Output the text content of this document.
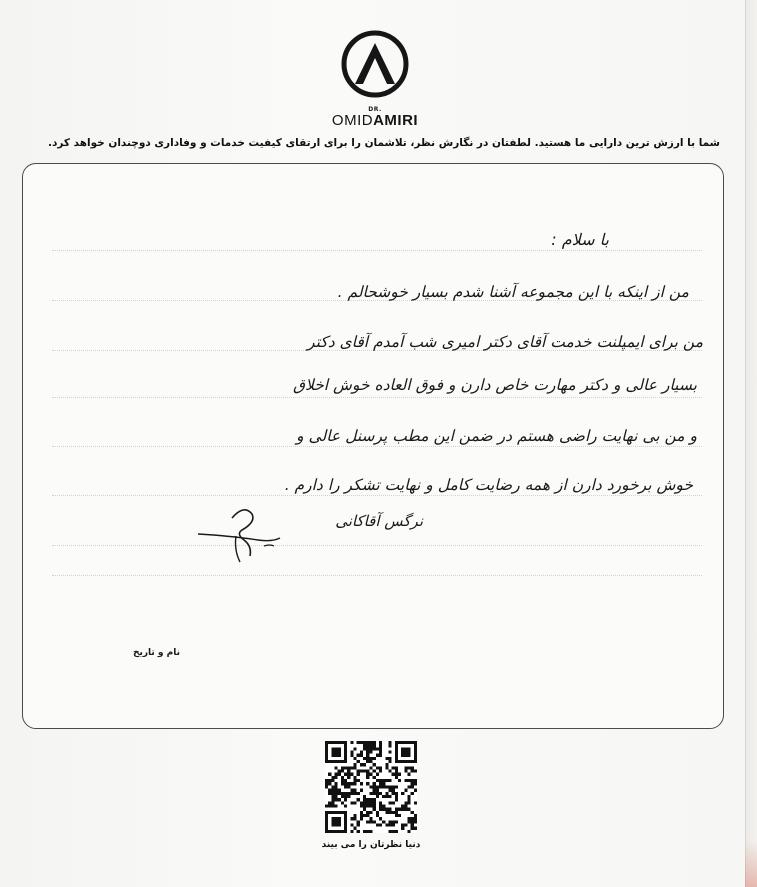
DR.
OMIDAMIRI
شما با ارزش ترین دارایی ما هستید. لطفتان در نگارش نظر، تلاشمان را برای ارتقای کیفیت خدمات و وفاداری دوچندان خواهد کرد.
با سلام :
من از اینکه با این مجموعه آشنا شدم بسیار خوشحالم .
من برای ایمپلنت خدمت آقای دکتر امیری شب آمدم آقای دکتر
بسیار عالی و دکتر مهارت خاص دارن و فوق العاده خوش اخلاق
و من بی نهایت راضی هستم در ضمن این مطب پرسنل عالی و
خوش برخورد دارن از همه رضایت کامل و نهایت تشکر را دارم .
نرگس آقاکانی
نام و تاریخ
دنیا نظرتان را می بیند
